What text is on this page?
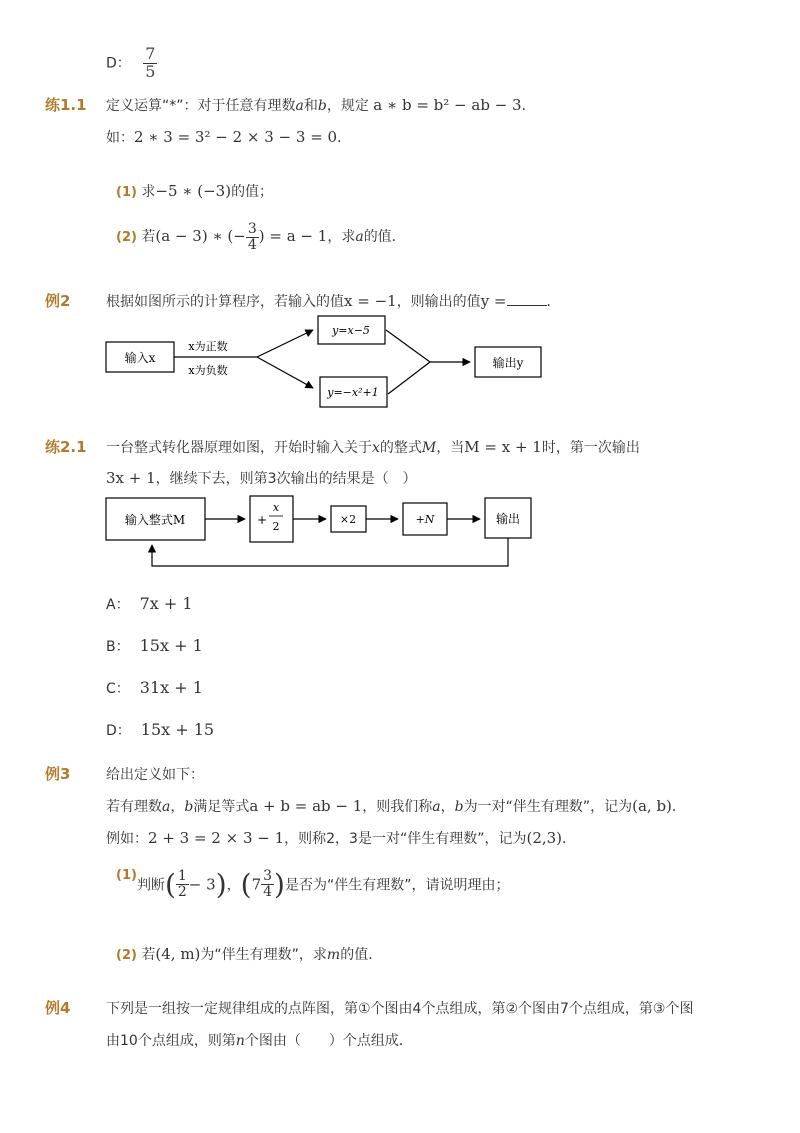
D： $\frac{7}{5}$
练1.1 定义运算“*”：对于任意有理数a和b，规定 a ∗ b = b² − ab − 3．
如：2 ∗ 3 = 3² − 2 × 3 − 3 = 0．
(1) 求−5 ∗ (−3)的值；
(2) 若(a − 3) ∗ (− $\frac{3}{4}$ ) = a − 1，求a的值．
例2	根据如图所示的计算程序，若输入的值x = −1，则输出的值y =	．
输入x
x为正数
x为负数
y=x−5
y=−x²+1
输出y
输入整式M	+
x
2
×2	+N	输出
练2.1 一台整式转化器原理如图，开始时输入关于x的整式M，当M = x + 1时，第一次输出
3x + 1，继续下去，则第3次输出的结果是（　）
A： 7x + 1
B： 15x + 1
C： 31x + 1
D： 15x + 15
例3	给出定义如下：
若有理数a，b满足等式a + b = ab − 1，则我们称a，b为一对“伴生有理数”，记为(a, b)．
例如：2 + 3 = 2 × 3 − 1，则称2，3是一对“伴生有理数”，记为(2,3)．
(1)判断( $\frac{1}{2} - 3$)，($7 \frac{3}{4}$ )是否为“伴生有理数”，请说明理由；
(2) 若(4, m)为“伴生有理数”，求m的值．
例4	下列是一组按一定规律组成的点阵图，第①个图由4个点组成，第②个图由7个点组成，第③个图
由10个点组成，则第n个图由（　　）个点组成．
